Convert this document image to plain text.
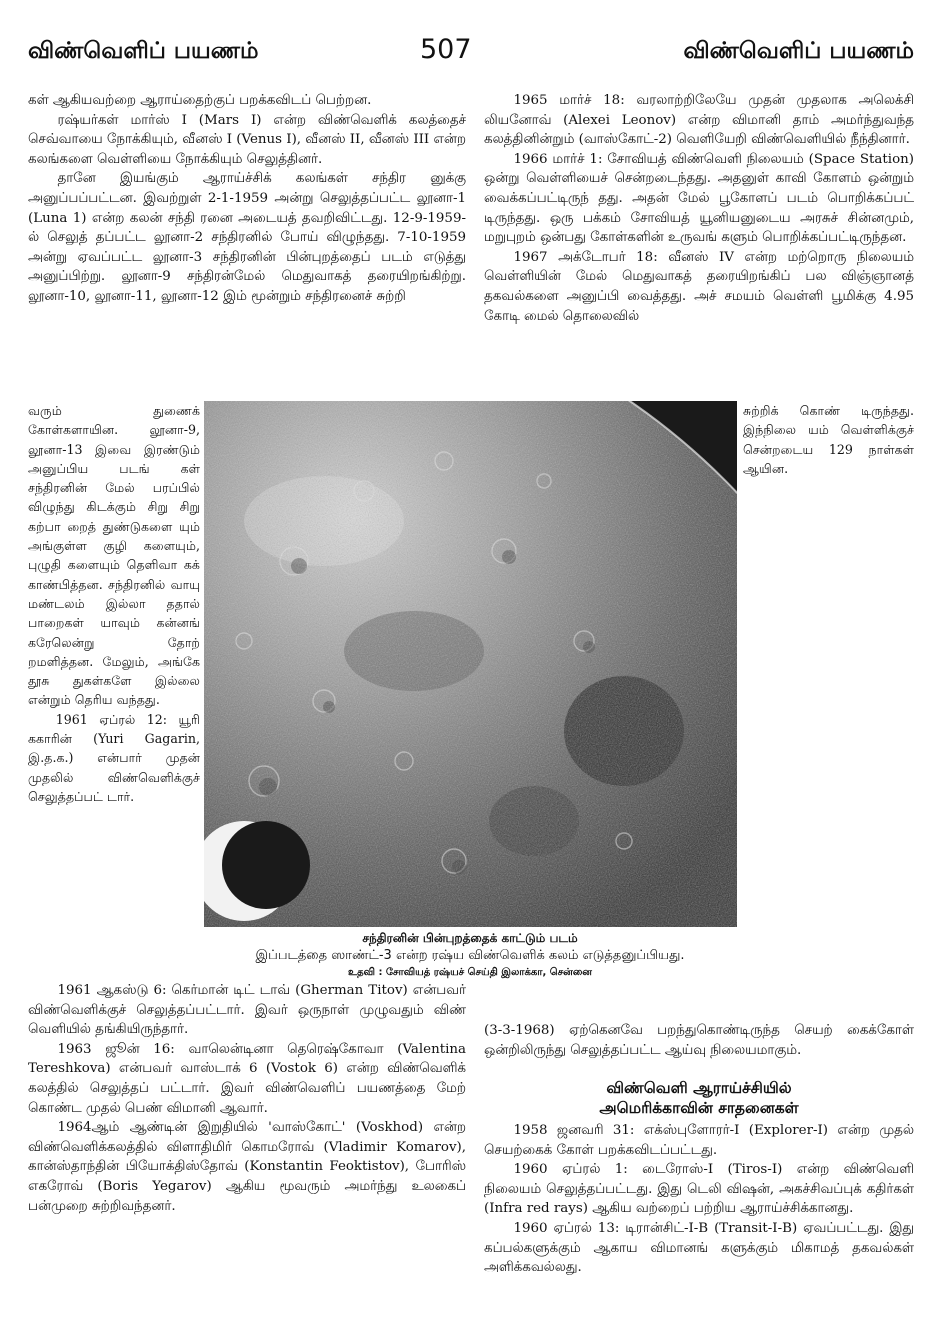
விண்வெளிப் பயணம்	507	விண்வெளிப் பயணம்

கள் ஆகியவற்றை ஆராய்தைற்குப் பறக்கவிடப் பெற்றன.

ரஷ்யர்கள் மார்ஸ் I (Mars I) என்ற விண்வெளிக் கலத்தைச் செவ்வாயை நோக்கியும், வீனஸ் I (Venus I), வீனஸ் II, வீனஸ் III என்ற கலங்களை வெள்ளியை நோக்கியும் செலுத்தினர்.

தானே இயங்கும் ஆராய்ச்சிக் கலங்கள் சந்திர னுக்கு அனுப்பப்பட்டன. இவற்றுள் 2-1-1959 அன்று செலுத்தப்பட்ட லூனா-1 (Luna 1) என்ற கலன் சந்தி ரனை அடையத் தவறிவிட்டது. 12-9-1959-ல் செலுத் தப்பட்ட லூனா-2 சந்திரனில் போய் விழுந்தது. 7-10-1959 அன்று ஏவப்பட்ட லூனா-3 சந்திரனின் பின்புறத்தைப் படம் எடுத்து அனுப்பிற்று. லூனா-9 சந்திரன்மேல் மெதுவாகத் தரையிறங்கிற்று. லூனா-10, லூனா-11, லூனா-12 இம் மூன்றும் சந்திரனைச் சுற்றி

வரும் துணைக் கோள்களாயின. லூனா-9, லூனா-13 இவை இரண்டும் அனுப்பிய படங் கள் சந்திரனின் மேல் பரப்பில் விழுந்து கிடக்கும் சிறு சிறு கற்பா றைத் துண்டுகளை யும் அங்குள்ள குழி களையும், புழுதி களையும் தெளிவா கக் காண்பித்தன. சந்திரனில் வாயு மண்டலம் இல்லா ததால் பாறைகள் யாவும் கன்னங் கரேலென்று தோற் றமளித்தன. மேலும், அங்கே தூசு துகள்களே இல்லை என்றும் தெரிய வந்தது.

1961 ஏப்ரல் 12: யூரி ககாரின் (Yuri Gagarin, இ.த.க.) என்பார் முதன் முதலில் விண்வெளிக்குச் செலுத்தப்பட் டார்.

1961 ஆகஸ்டு 6: கெர்மான் டிட் டாவ் (Gherman Titov) என்பவர் விண்வெளிக்குச் செலுத்தப்பட்டார். இவர் ஒருநாள் முழுவதும் விண் வெளியில் தங்கியிருந்தார்.

1963 ஜூன் 16: வாலென்டினா தெரெஷ்கோவா (Valentina Tereshkova) என்பவர் வாஸ்டாக் 6 (Vostok 6) என்ற விண்வெளிக் கலத்தில் செலுத்தப் பட்டார். இவர் விண்வெளிப் பயணத்தை மேற் கொண்ட முதல் பெண் விமானி ஆவார்.

1964ஆம் ஆண்டின் இறுதியில் 'வாஸ்கோட்' (Voskhod) என்ற விண்வெளிக்கலத்தில் விளாதிமிர் கொமரோவ் (Vladimir Komarov), கான்ஸ்தாந்தின் பியோக்திஸ்தோவ் (Konstantin Feoktistov), போரிஸ் எகரோவ் (Boris Yegarov) ஆகிய மூவரும் அமர்ந்து உலகைப் பன்முறை சுற்றிவந்தனர்.

1965 மார்ச் 18: வரலாற்றிலேயே முதன் முதலாக அலெக்சி லியனோவ் (Alexei Leonov) என்ற விமானி தாம் அமர்ந்துவந்த கலத்தினின்றும் (வாஸ்கோட்-2) வெளியேறி விண்வெளியில் நீந்தினார்.

1966 மார்ச் 1: சோவியத் விண்வெளி நிலையம் (Space Station) ஒன்று வெள்ளியைச் சென்றடைந்தது. அதனுள் காவி கோளம் ஒன்றும் வைக்கப்பட்டிருந் தது. அதன் மேல் பூகோளப் படம் பொறிக்கப்பட் டிருந்தது. ஒரு பக்கம் சோவியத் யூனியனுடைய அரசுச் சின்னமும், மறுபுறம் ஒன்பது கோள்களின் உருவங் களும் பொறிக்கப்பட்டிருந்தன.

1967 அக்டோபர் 18: வீனஸ் IV என்ற மற்றொரு நிலையம் வெள்ளியின் மேல் மெதுவாகத் தரையிறங்கிப் பல விஞ்ஞானத் தகவல்களை அனுப்பி வைத்தது. அச் சமயம் வெள்ளி பூமிக்கு 4.95 கோடி மைல் தொலைவில்

சுற்றிக் கொண் டிருந்தது. இந்நிலை யம் வெள்ளிக்குச் சென்றடைய 129 நாள்கள் ஆயின.

(3-3-1968) ஏற்கெனவே பறந்துகொண்டிருந்த செயற் கைக்கோள் ஒன்றிலிருந்து செலுத்தப்பட்ட ஆய்வு நிலையமாகும்.

விண்வெளி ஆராய்ச்சியில்
அமெரிக்காவின் சாதனைகள்

1958 ஜனவரி 31: எக்ஸ்புளோரர்-I (Explorer-I) என்ற முதல் செயற்கைக் கோள் பறக்கவிடப்பட்டது.

1960 ஏப்ரல் 1: டைரோஸ்-I (Tiros-I) என்ற விண்வெளி நிலையம் செலுத்தப்பட்டது. இது டெலி விஷன், அகச்சிவப்புக் கதிர்கள் (Infra red rays) ஆகிய வற்றைப் பற்றிய ஆராய்ச்சிக்கானது.

1960 ஏப்ரல் 13: டிரான்சிட்-I-B (Transit-I-B) ஏவப்பட்டது. இது கப்பல்களுக்கும் ஆகாய விமானங் களுக்கும் மிகாமத் தகவல்கள் அளிக்கவல்லது.

சந்திரனின் பின்புறத்தைக் காட்டும் படம்
இப்படத்தை ஸாண்ட்-3 என்ற ரஷ்ய விண்வெளிக் கலம் எடுத்தனுப்பியது.
உதவி : சோவியத் ரஷ்யச் செய்தி இலாக்கா, சென்னை
